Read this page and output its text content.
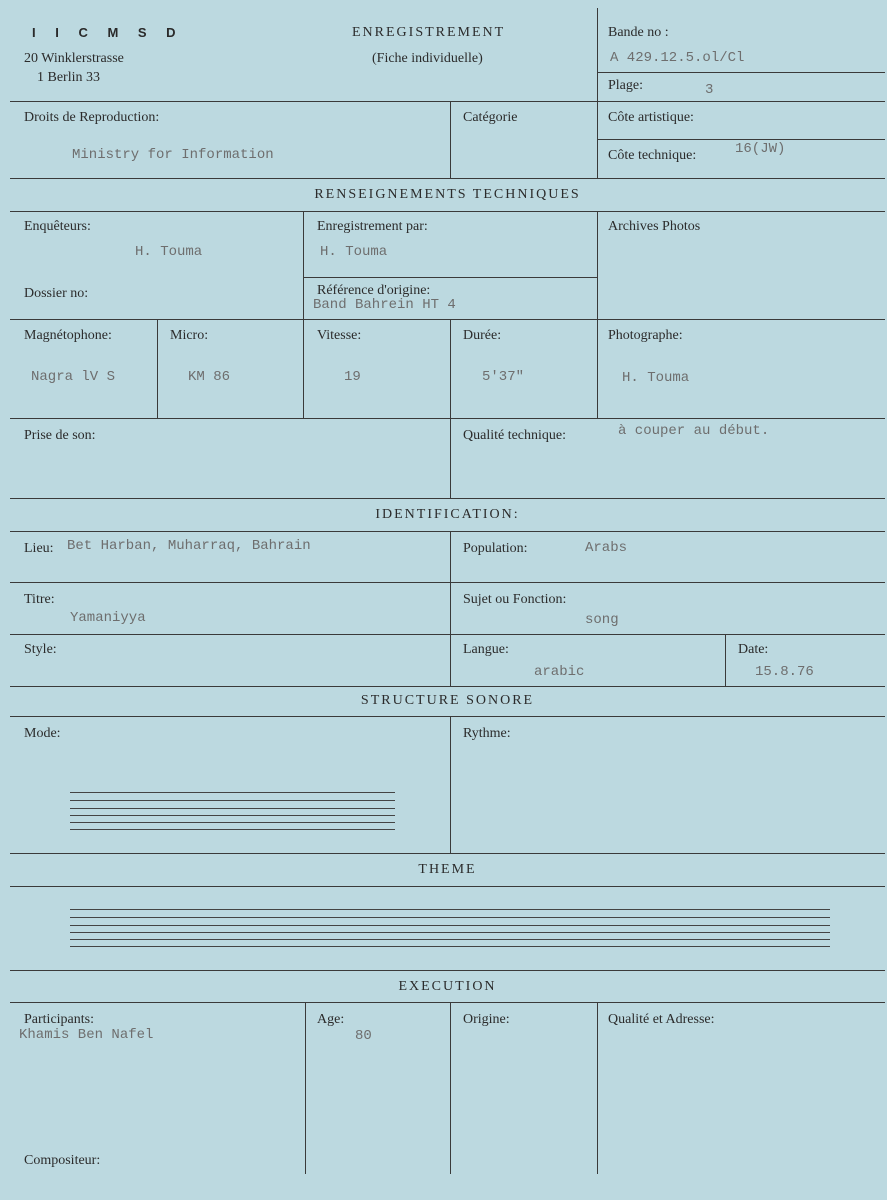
I I C M S D
20 Winklerstrasse
1 Berlin 33
ENREGISTREMENT
(Fiche individuelle)
Bande no :
A 429.12.5.ol/Cl
Plage:	3
Droits de Reproduction:
Ministry for Information
Catégorie	Côte artistique:
Côte technique:	16(JW)
RENSEIGNEMENTS TECHNIQUES
Enquêteurs:
H. Touma
Enregistrement par:
H. Touma
Archives Photos
Dossier no:	Référence d'origine:
Band Bahrein HT 4
Magnétophone:
Nagra lV S
Micro:
KM 86
Vitesse:
19
Durée:
5'37"
Photographe:
H. Touma
Prise de son:	Qualité technique:	à couper au début.
IDENTIFICATION:
Lieu: Bet Harban, Muharraq, Bahrain	Population:	Arabs
Titre:
Yamaniyya
Sujet ou Fonction:
song
Style:	Langue:
arabic
Date:
15.8.76
STRUCTURE SONORE
Mode:	Rythme:
THEME
EXECUTION
Participants:
Khamis Ben Nafel
Age:
80
Origine:	Qualité et Adresse:
Compositeur:
